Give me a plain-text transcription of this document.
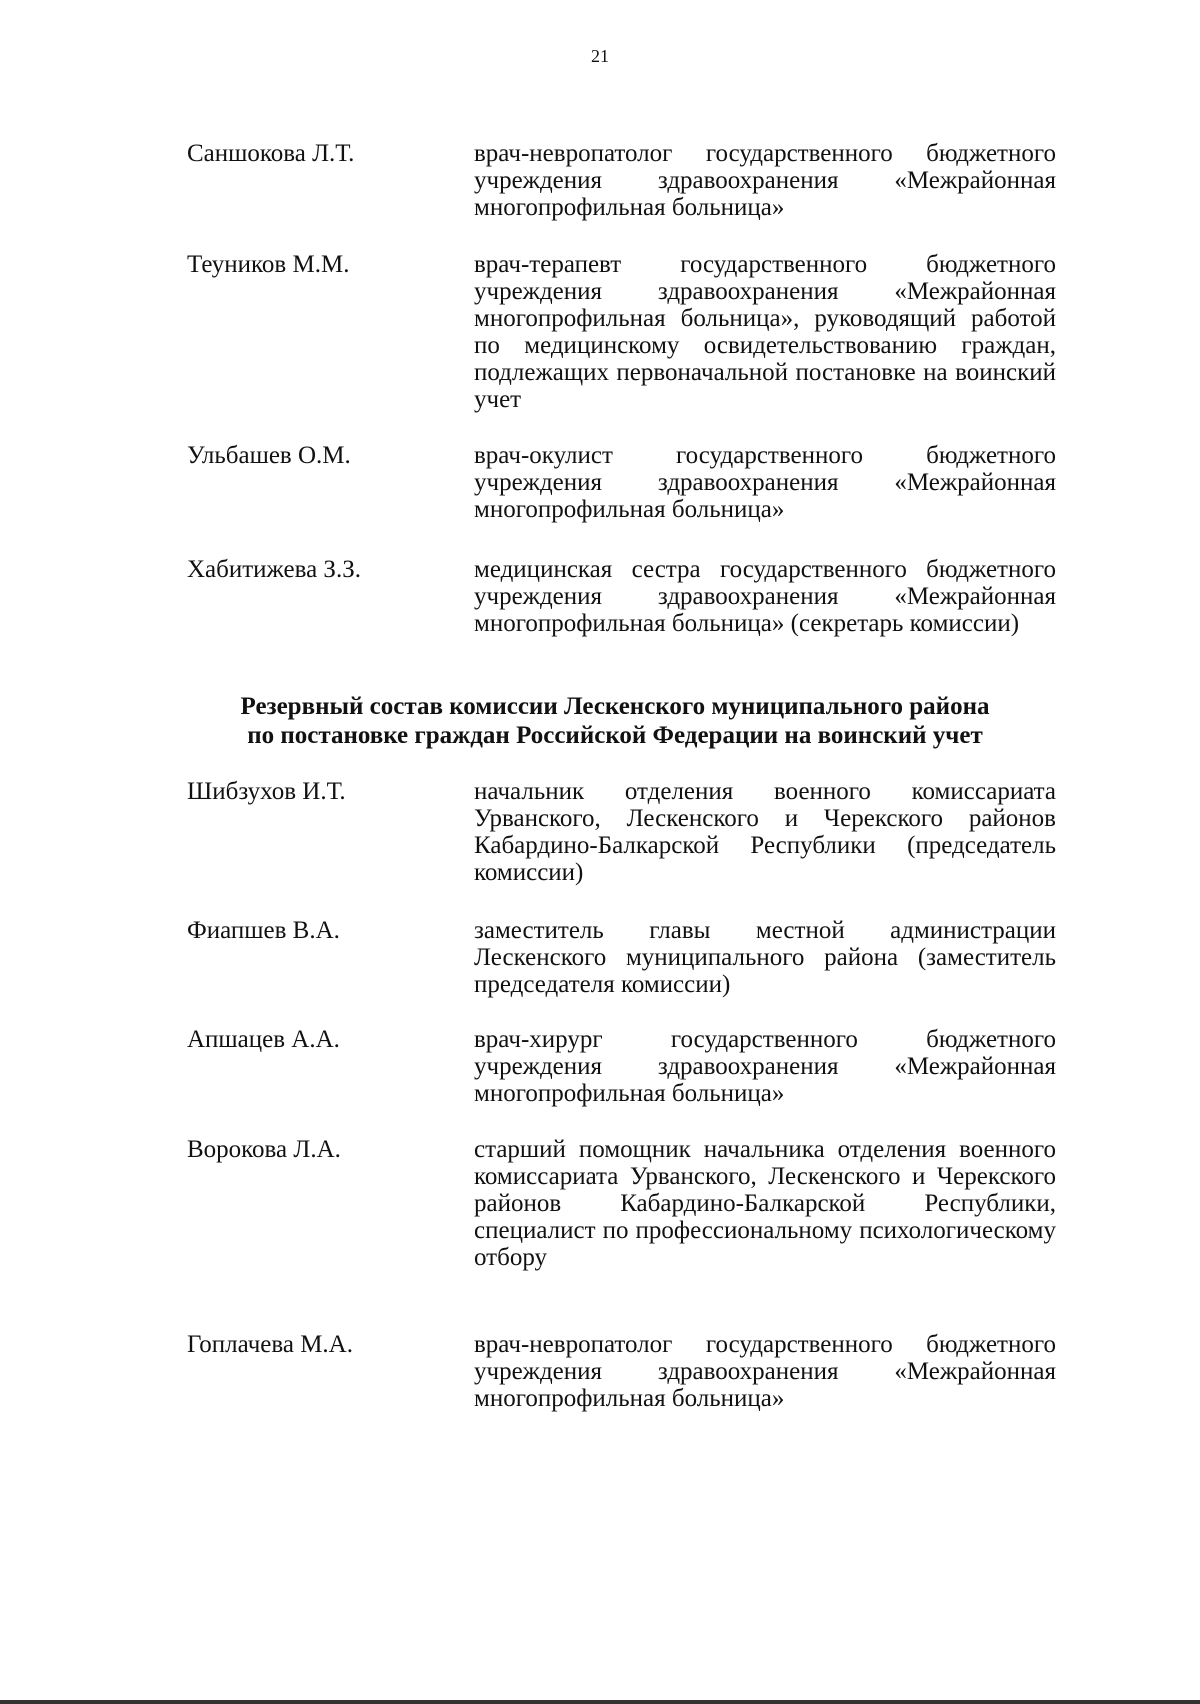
21
Саншокова Л.Т.	врач-невропатолог государственного бюджетного учреждения здравоохранения «Межрайонная многопрофильная больница»
Теуников М.М.	врач-терапевт государственного бюджетного учреждения здравоохранения «Межрайонная многопрофильная больница», руководящий работой по медицинскому освидетельствованию граждан, подлежащих первоначальной постановке на воинский учет
Ульбашев О.М.	врач-окулист государственного бюджетного учреждения здравоохранения «Межрайонная многопрофильная больница»
Хабитижева З.З.	медицинская сестра государственного бюджетного учреждения здравоохранения «Межрайонная многопрофильная больница» (секретарь комиссии)
Резервный состав комиссии Лескенского муниципального района
по постановке граждан Российской Федерации на воинский учет
Шибзухов И.Т.	начальник отделения военного комиссариата Урванского, Лескенского и Черекского районов Кабардино-Балкарской Республики (председатель комиссии)
Фиапшев В.А.	заместитель главы местной администрации Лескенского муниципального района (заместитель председателя комиссии)
Апшацев А.А.	врач-хирург государственного бюджетного учреждения здравоохранения «Межрайонная многопрофильная больница»
Ворокова Л.А.	старший помощник начальника отделения военного комиссариата Урванского, Лескенского и Черекского районов Кабардино-Балкарской Республики, специалист по профессиональному психологическому отбору
Гоплачева М.А.	врач-невропатолог государственного бюджетного учреждения здравоохранения «Межрайонная многопрофильная больница»
